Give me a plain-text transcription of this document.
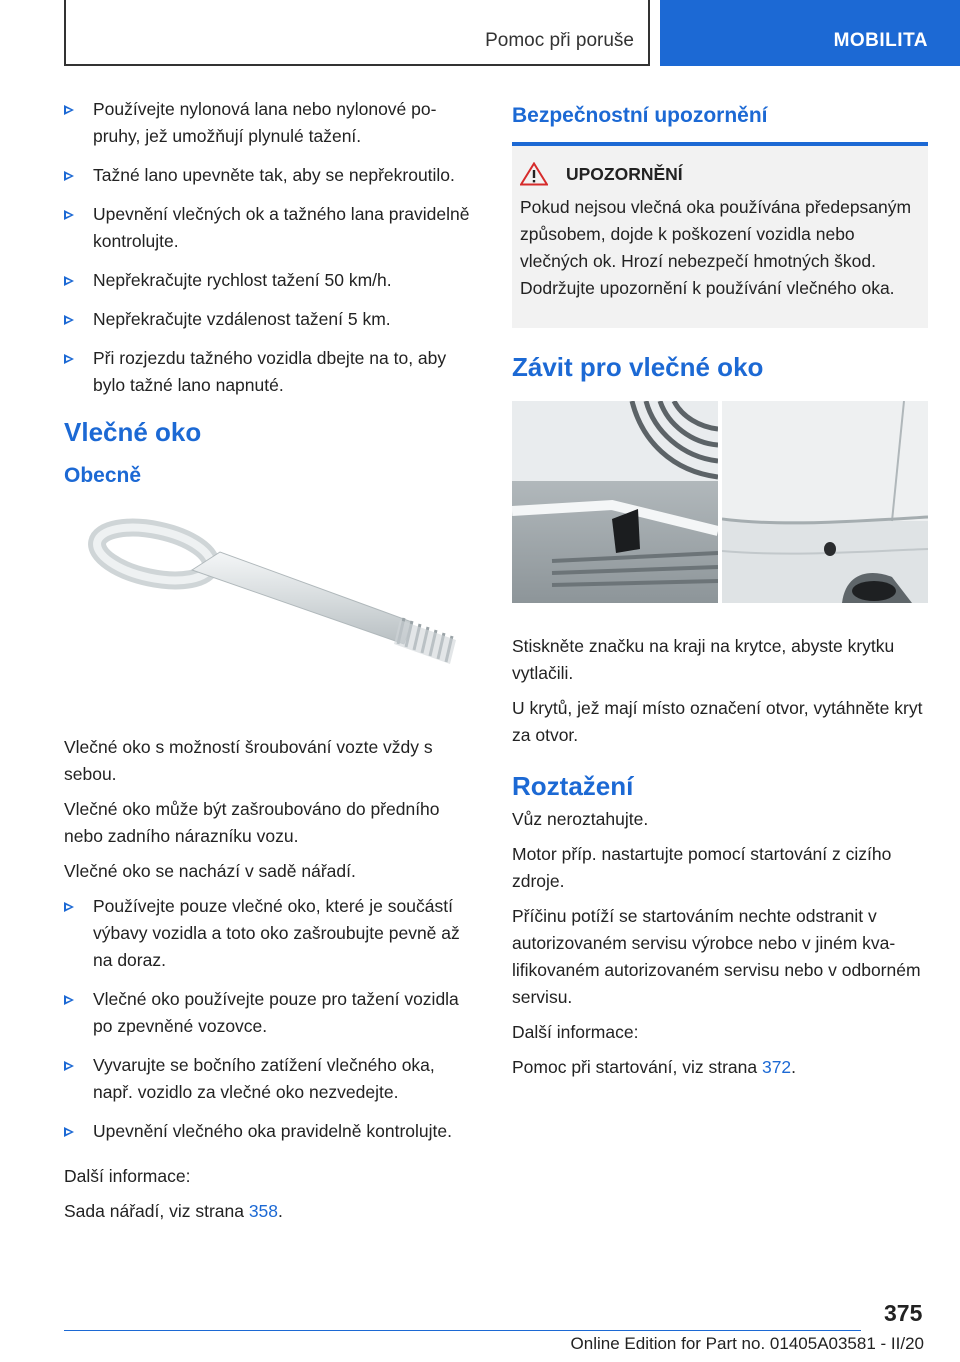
Pomoc při poruše	MOBILITA
Používejte nylonová lana nebo nylonové popruhy, jež umožňují plynulé tažení.
Tažné lano upevněte tak, aby se nepřekroutilo.
Upevnění vlečných ok a tažného lana pravidelně kontrolujte.
Nepřekračujte rychlost tažení 50 km/h.
Nepřekračujte vzdálenost tažení 5 km.
Při rozjezdu tažného vozidla dbejte na to, aby bylo tažné lano napnuté.
Vlečné oko
Obecně

Vlečné oko s možností šroubování vozte vždy s sebou.

Vlečné oko může být zašroubováno do předního nebo zadního nárazníku vozu.

Vlečné oko se nachází v sadě nářadí.

Používejte pouze vlečné oko, které je součástí výbavy vozidla a toto oko zašroubujte pevně až na doraz.
Vlečné oko používejte pouze pro tažení vozidla po zpevněné vozovce.
Vyvarujte se bočního zatížení vlečného oka, např. vozidlo za vlečné oko nezvedejte.
Upevnění vlečného oka pravidelně kontrolujte.

Další informace:

Sada nářadí, viz strana 358.

Bezpečnostní upozornění
UPOZORNĚNÍ

Pokud nejsou vlečná oka používána předepsaným způsobem, dojde k poškození vozidla nebo vlečných ok. Hrozí nebezpečí hmotných škod. Dodržujte upozornění k používání vlečného oka.

Závit pro vlečné oko

Stiskněte značku na kraji na krytce, abyste krytku vytlačili.

U krytů, jež mají místo označení otvor, vytáhněte kryt za otvor.

Roztažení

Vůz neroztahujte.

Motor příp. nastartujte pomocí startování z cizího zdroje.

Příčinu potíží se startováním nechte odstranit v autorizovaném servisu výrobce nebo v jiném kvalifikovaném autorizovaném servisu nebo v odborném servisu.

Další informace:

Pomoc při startování, viz strana 372.

375
Online Edition for Part no. 01405A03581 - II/20
